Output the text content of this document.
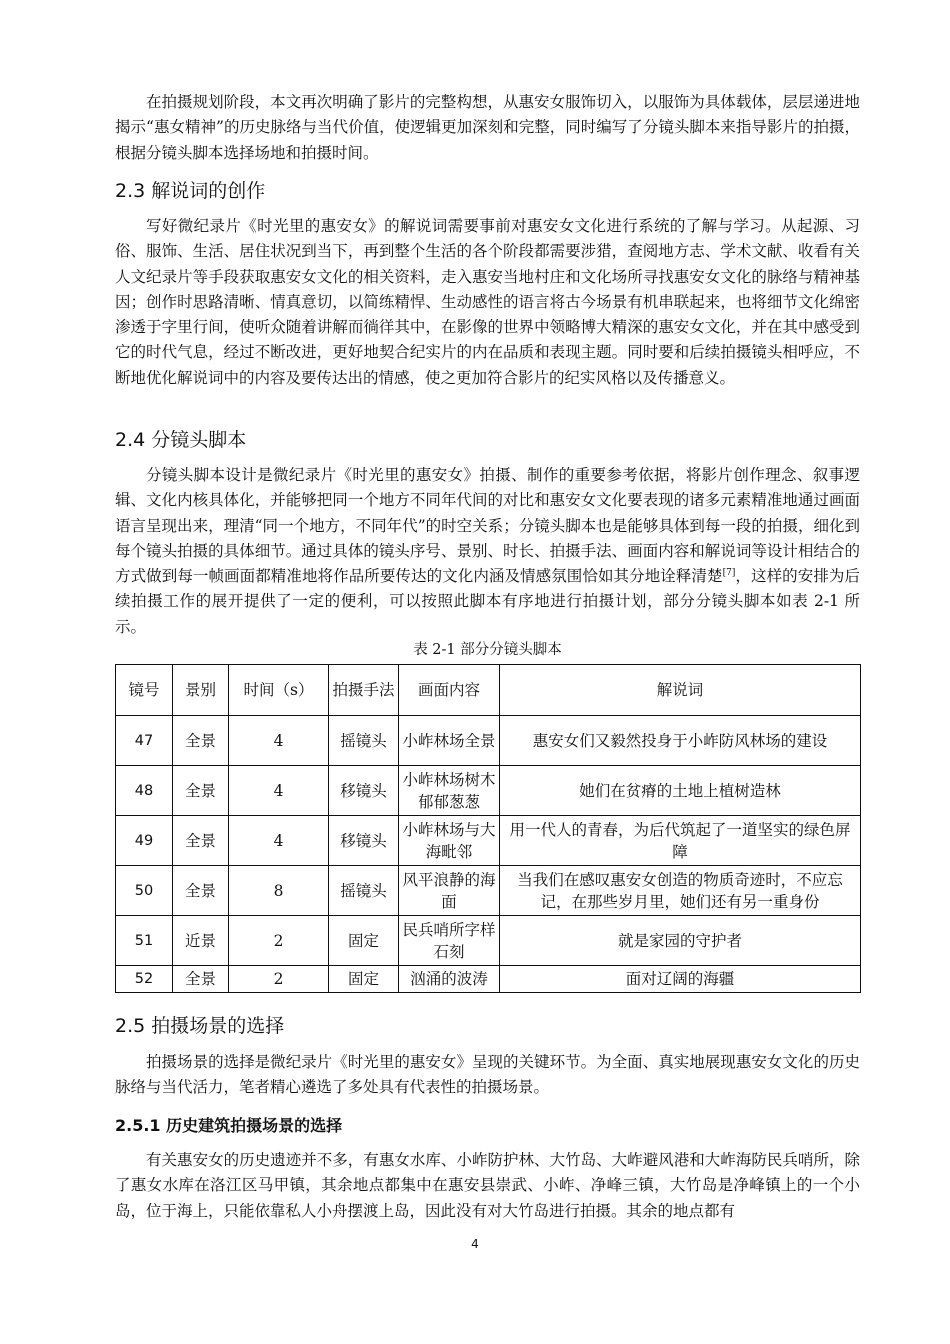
在拍摄规划阶段，本文再次明确了影片的完整构想，从惠安女服饰切入，以服饰为具体载体，层层递进地揭示“惠女精神”的历史脉络与当代价值，使逻辑更加深刻和完整，同时编写了分镜头脚本来指导影片的拍摄，根据分镜头脚本选择场地和拍摄时间。

2.3 解说词的创作

写好微纪录片《时光里的惠安女》的解说词需要事前对惠安女文化进行系统的了解与学习。从起源、习俗、服饰、生活、居住状况到当下，再到整个生活的各个阶段都需要涉猎，查阅地方志、学术文献、收看有关人文纪录片等手段获取惠安女文化的相关资料，走入惠安当地村庄和文化场所寻找惠安女文化的脉络与精神基因；创作时思路清晰、情真意切，以简练精悍、生动感性的语言将古今场景有机串联起来，也将细节文化绵密渗透于字里行间，使听众随着讲解而徜徉其中，在影像的世界中领略博大精深的惠安女文化，并在其中感受到它的时代气息，经过不断改进，更好地契合纪实片的内在品质和表现主题。同时要和后续拍摄镜头相呼应，不断地优化解说词中的内容及要传达出的情感，使之更加符合影片的纪实风格以及传播意义。

2.4 分镜头脚本

分镜头脚本设计是微纪录片《时光里的惠安女》拍摄、制作的重要参考依据，将影片创作理念、叙事逻辑、文化内核具体化，并能够把同一个地方不同年代间的对比和惠安女文化要表现的诸多元素精准地通过画面语言呈现出来，理清“同一个地方，不同年代”的时空关系；分镜头脚本也是能够具体到每一段的拍摄，细化到每个镜头拍摄的具体细节。通过具体的镜头序号、景别、时长、拍摄手法、画面内容和解说词等设计相结合的方式做到每一帧画面都精准地将作品所要传达的文化内涵及情感氛围恰如其分地诠释清楚[7]，这样的安排为后续拍摄工作的展开提供了一定的便利，可以按照此脚本有序地进行拍摄计划，部分分镜头脚本如表 2-1 所示。

表 2-1 部分分镜头脚本
镜号	景别	时间（s）	拍摄手法	画面内容	解说词
47	全景	4	摇镜头	小岞林场全景	惠安女们又毅然投身于小岞防风林场的建设
48	全景	4	移镜头	小岞林场树木郁郁葱葱	她们在贫瘠的土地上植树造林
49	全景	4	移镜头	小岞林场与大海毗邻	用一代人的青春，为后代筑起了一道坚实的绿色屏障
50	全景	8	摇镜头	风平浪静的海面	当我们在感叹惠安女创造的物质奇迹时，不应忘记，在那些岁月里，她们还有另一重身份
51	近景	2	固定	民兵哨所字样石刻	就是家园的守护者
52	全景	2	固定	汹涌的波涛	面对辽阔的海疆
2.5 拍摄场景的选择

拍摄场景的选择是微纪录片《时光里的惠安女》呈现的关键环节。为全面、真实地展现惠安女文化的历史脉络与当代活力，笔者精心遴选了多处具有代表性的拍摄场景。

2.5.1 历史建筑拍摄场景的选择

有关惠安女的历史遗迹并不多，有惠女水库、小岞防护林、大竹岛、大岞避风港和大岞海防民兵哨所，除了惠女水库在洛江区马甲镇，其余地点都集中在惠安县崇武、小岞、净峰三镇，大竹岛是净峰镇上的一个小岛，位于海上，只能依靠私人小舟摆渡上岛，因此没有对大竹岛进行拍摄。其余的地点都有

4
